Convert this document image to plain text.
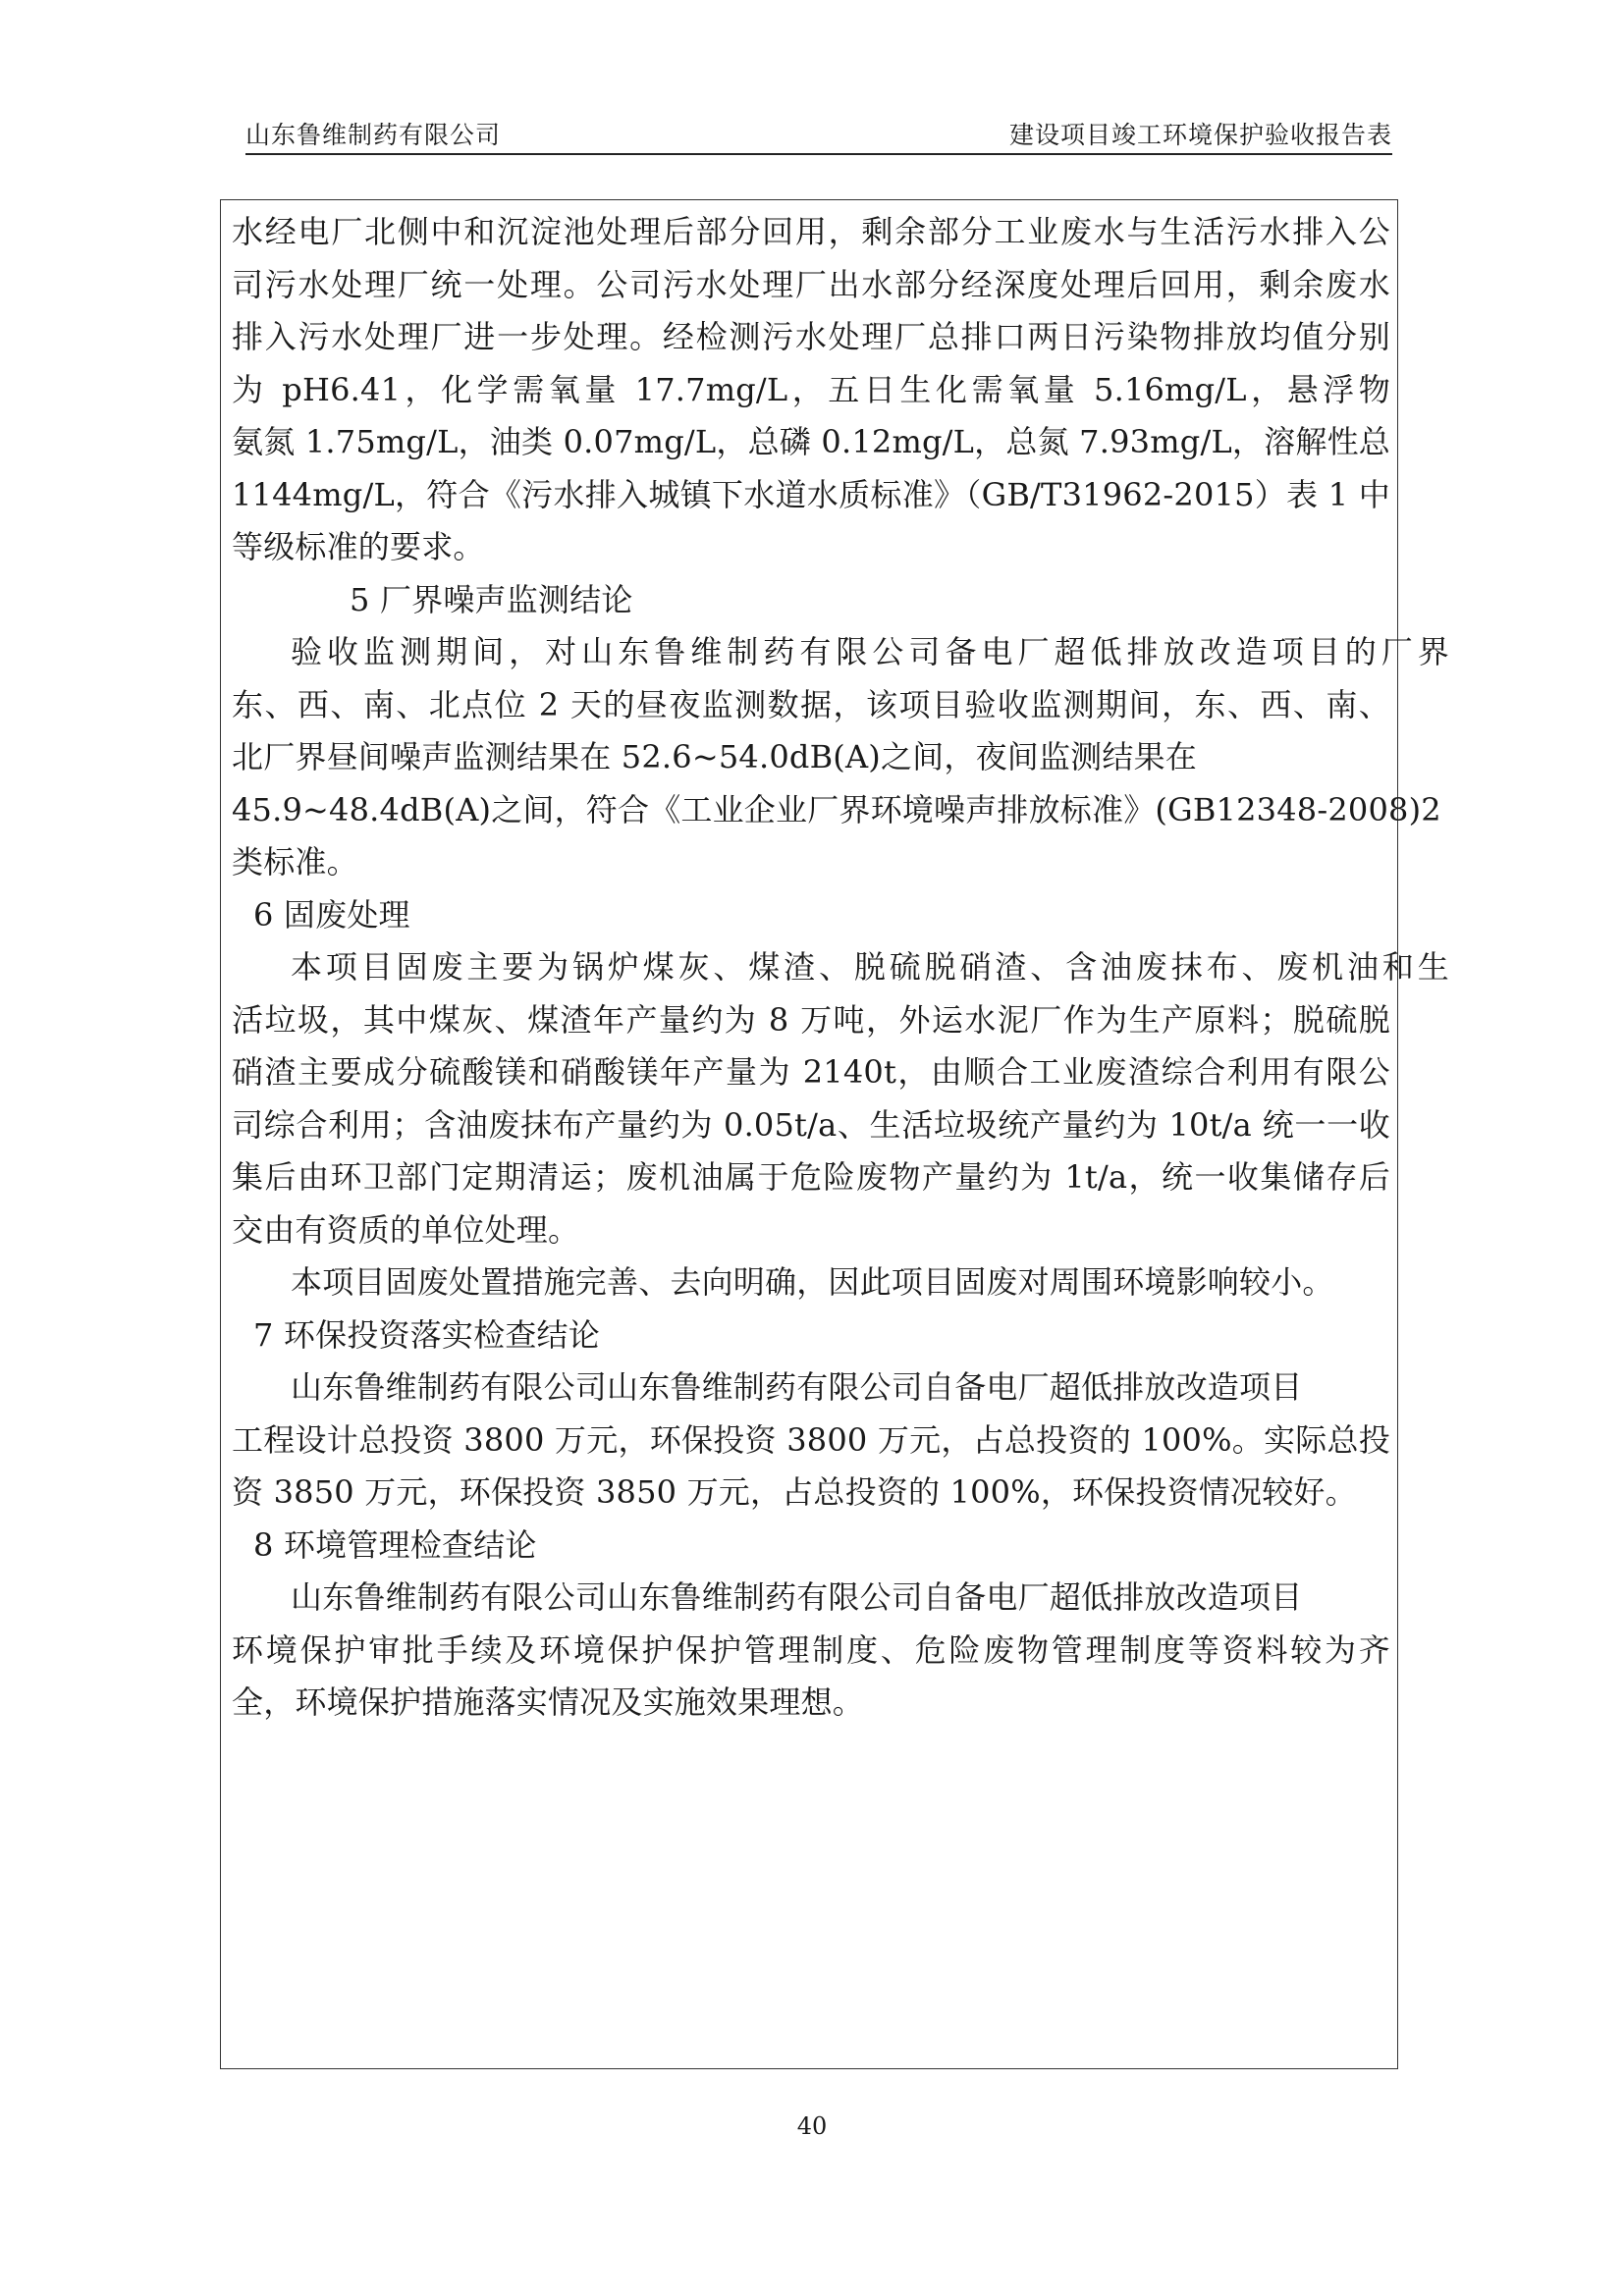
山东鲁维制药有限公司	建设项目竣工环境保护验收报告表
水经电厂北侧中和沉淀池处理后部分回用，剩余部分工业废水与生活污水排入公
司污水处理厂统一处理。公司污水处理厂出水部分经深度处理后回用，剩余废水
排入污水处理厂进一步处理。经检测污水处理厂总排口两日污染物排放均值分别
为 pH6.41，化学需氧量 17.7mg/L，五日生化需氧量 5.16mg/L，悬浮物
氨氮 1.75mg/L，油类 0.07mg/L，总磷 0.12mg/L，总氮 7.93mg/L，溶解性总
1144mg/L，符合《污水排入城镇下水道水质标准》（GB/T31962-2015）表 1 中
等级标准的要求。
5 厂界噪声监测结论
验收监测期间，对山东鲁维制药有限公司备电厂超低排放改造项目的厂界
东、西、南、北点位 2 天的昼夜监测数据，该项目验收监测期间，东、西、南、
北厂界昼间噪声监测结果在 52.6~54.0dB(A)之间，夜间监测结果在
45.9~48.4dB(A)之间，符合《工业企业厂界环境噪声排放标准》(GB12348-2008)2
类标准。
6 固废处理
本项目固废主要为锅炉煤灰、煤渣、脱硫脱硝渣、含油废抹布、废机油和生
活垃圾，其中煤灰、煤渣年产量约为 8 万吨，外运水泥厂作为生产原料；脱硫脱
硝渣主要成分硫酸镁和硝酸镁年产量为 2140t，由顺合工业废渣综合利用有限公
司综合利用；含油废抹布产量约为 0.05t/a、生活垃圾统产量约为 10t/a 统一一收
集后由环卫部门定期清运；废机油属于危险废物产量约为 1t/a，统一收集储存后
交由有资质的单位处理。
本项目固废处置措施完善、去向明确，因此项目固废对周围环境影响较小。
7 环保投资落实检查结论
山东鲁维制药有限公司山东鲁维制药有限公司自备电厂超低排放改造项目
工程设计总投资 3800 万元，环保投资 3800 万元，占总投资的 100%。实际总投
资 3850 万元，环保投资 3850 万元，占总投资的 100%，环保投资情况较好。
8 环境管理检查结论
山东鲁维制药有限公司山东鲁维制药有限公司自备电厂超低排放改造项目
环境保护审批手续及环境保护保护管理制度、危险废物管理制度等资料较为齐
全，环境保护措施落实情况及实施效果理想。
40
